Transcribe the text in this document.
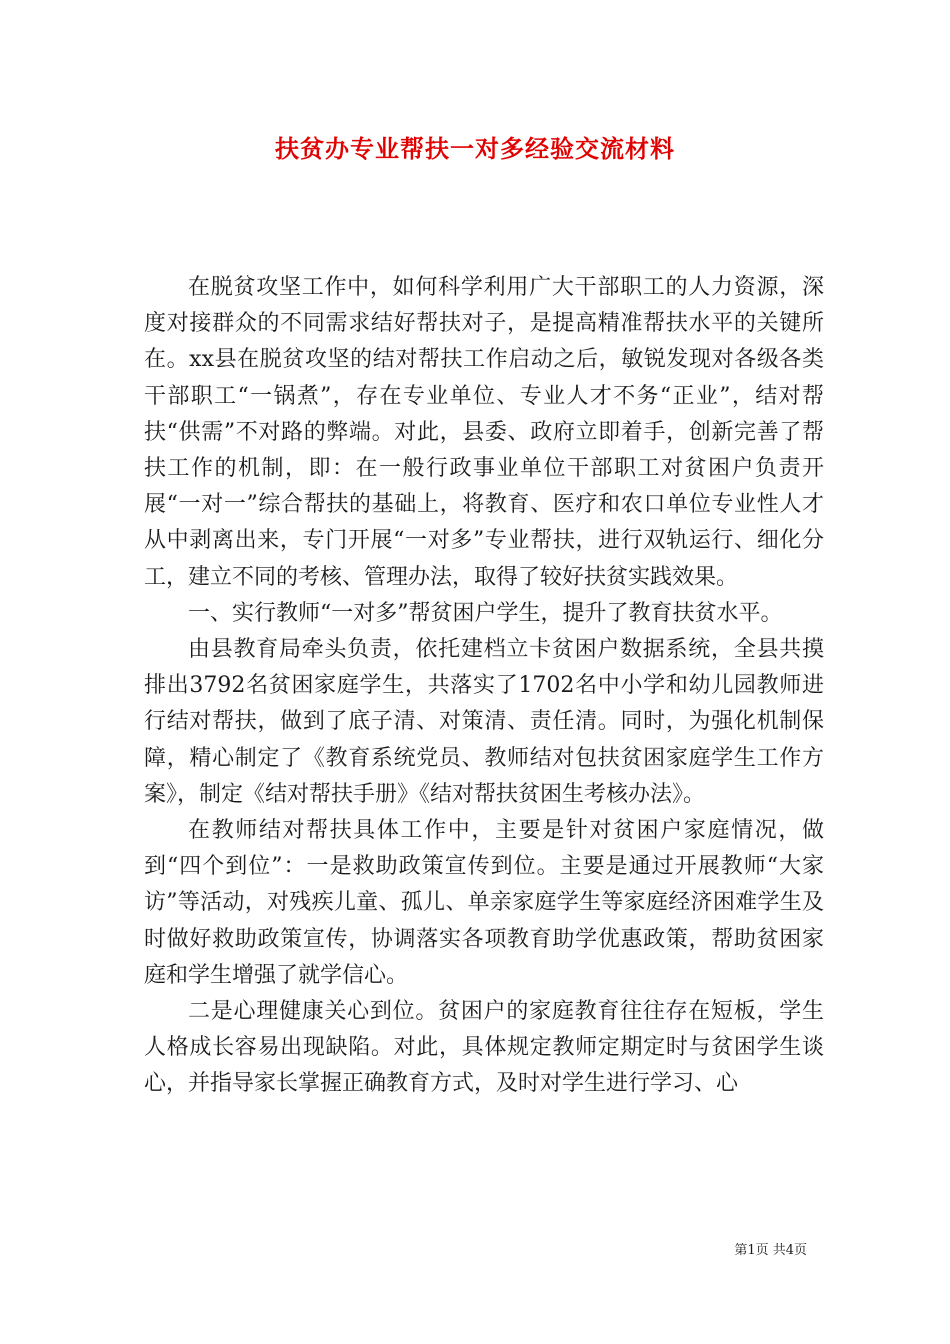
扶贫办专业帮扶一对多经验交流材料

在脱贫攻坚工作中，如何科学利用广大干部职工的人力资源，深度对接群众的不同需求结好帮扶对子，是提高精准帮扶水平的关键所在。xx县在脱贫攻坚的结对帮扶工作启动之后，敏锐发现对各级各类干部职工“一锅煮”，存在专业单位、专业人才不务“正业”，结对帮扶“供需”不对路的弊端。对此，县委、政府立即着手，创新完善了帮扶工作的机制，即：在一般行政事业单位干部职工对贫困户负责开展“一对一”综合帮扶的基础上，将教育、医疗和农口单位专业性人才从中剥离出来，专门开展“一对多”专业帮扶，进行双轨运行、细化分工，建立不同的考核、管理办法，取得了较好扶贫实践效果。

一、实行教师“一对多”帮贫困户学生，提升了教育扶贫水平。

由县教育局牵头负责，依托建档立卡贫困户数据系统，全县共摸排出3792名贫困家庭学生，共落实了1702名中小学和幼儿园教师进行结对帮扶，做到了底子清、对策清、责任清。同时，为强化机制保障，精心制定了《教育系统党员、教师结对包扶贫困家庭学生工作方案》，制定《结对帮扶手册》《结对帮扶贫困生考核办法》。

在教师结对帮扶具体工作中，主要是针对贫困户家庭情况，做到“四个到位”：一是救助政策宣传到位。主要是通过开展教师“大家访”等活动，对残疾儿童、孤儿、单亲家庭学生等家庭经济困难学生及时做好救助政策宣传，协调落实各项教育助学优惠政策，帮助贫困家庭和学生增强了就学信心。

二是心理健康关心到位。贫困户的家庭教育往往存在短板，学生人格成长容易出现缺陷。对此，具体规定教师定期定时与贫困学生谈心，并指导家长掌握正确教育方式，及时对学生进行学习、心

第1页 共4页
